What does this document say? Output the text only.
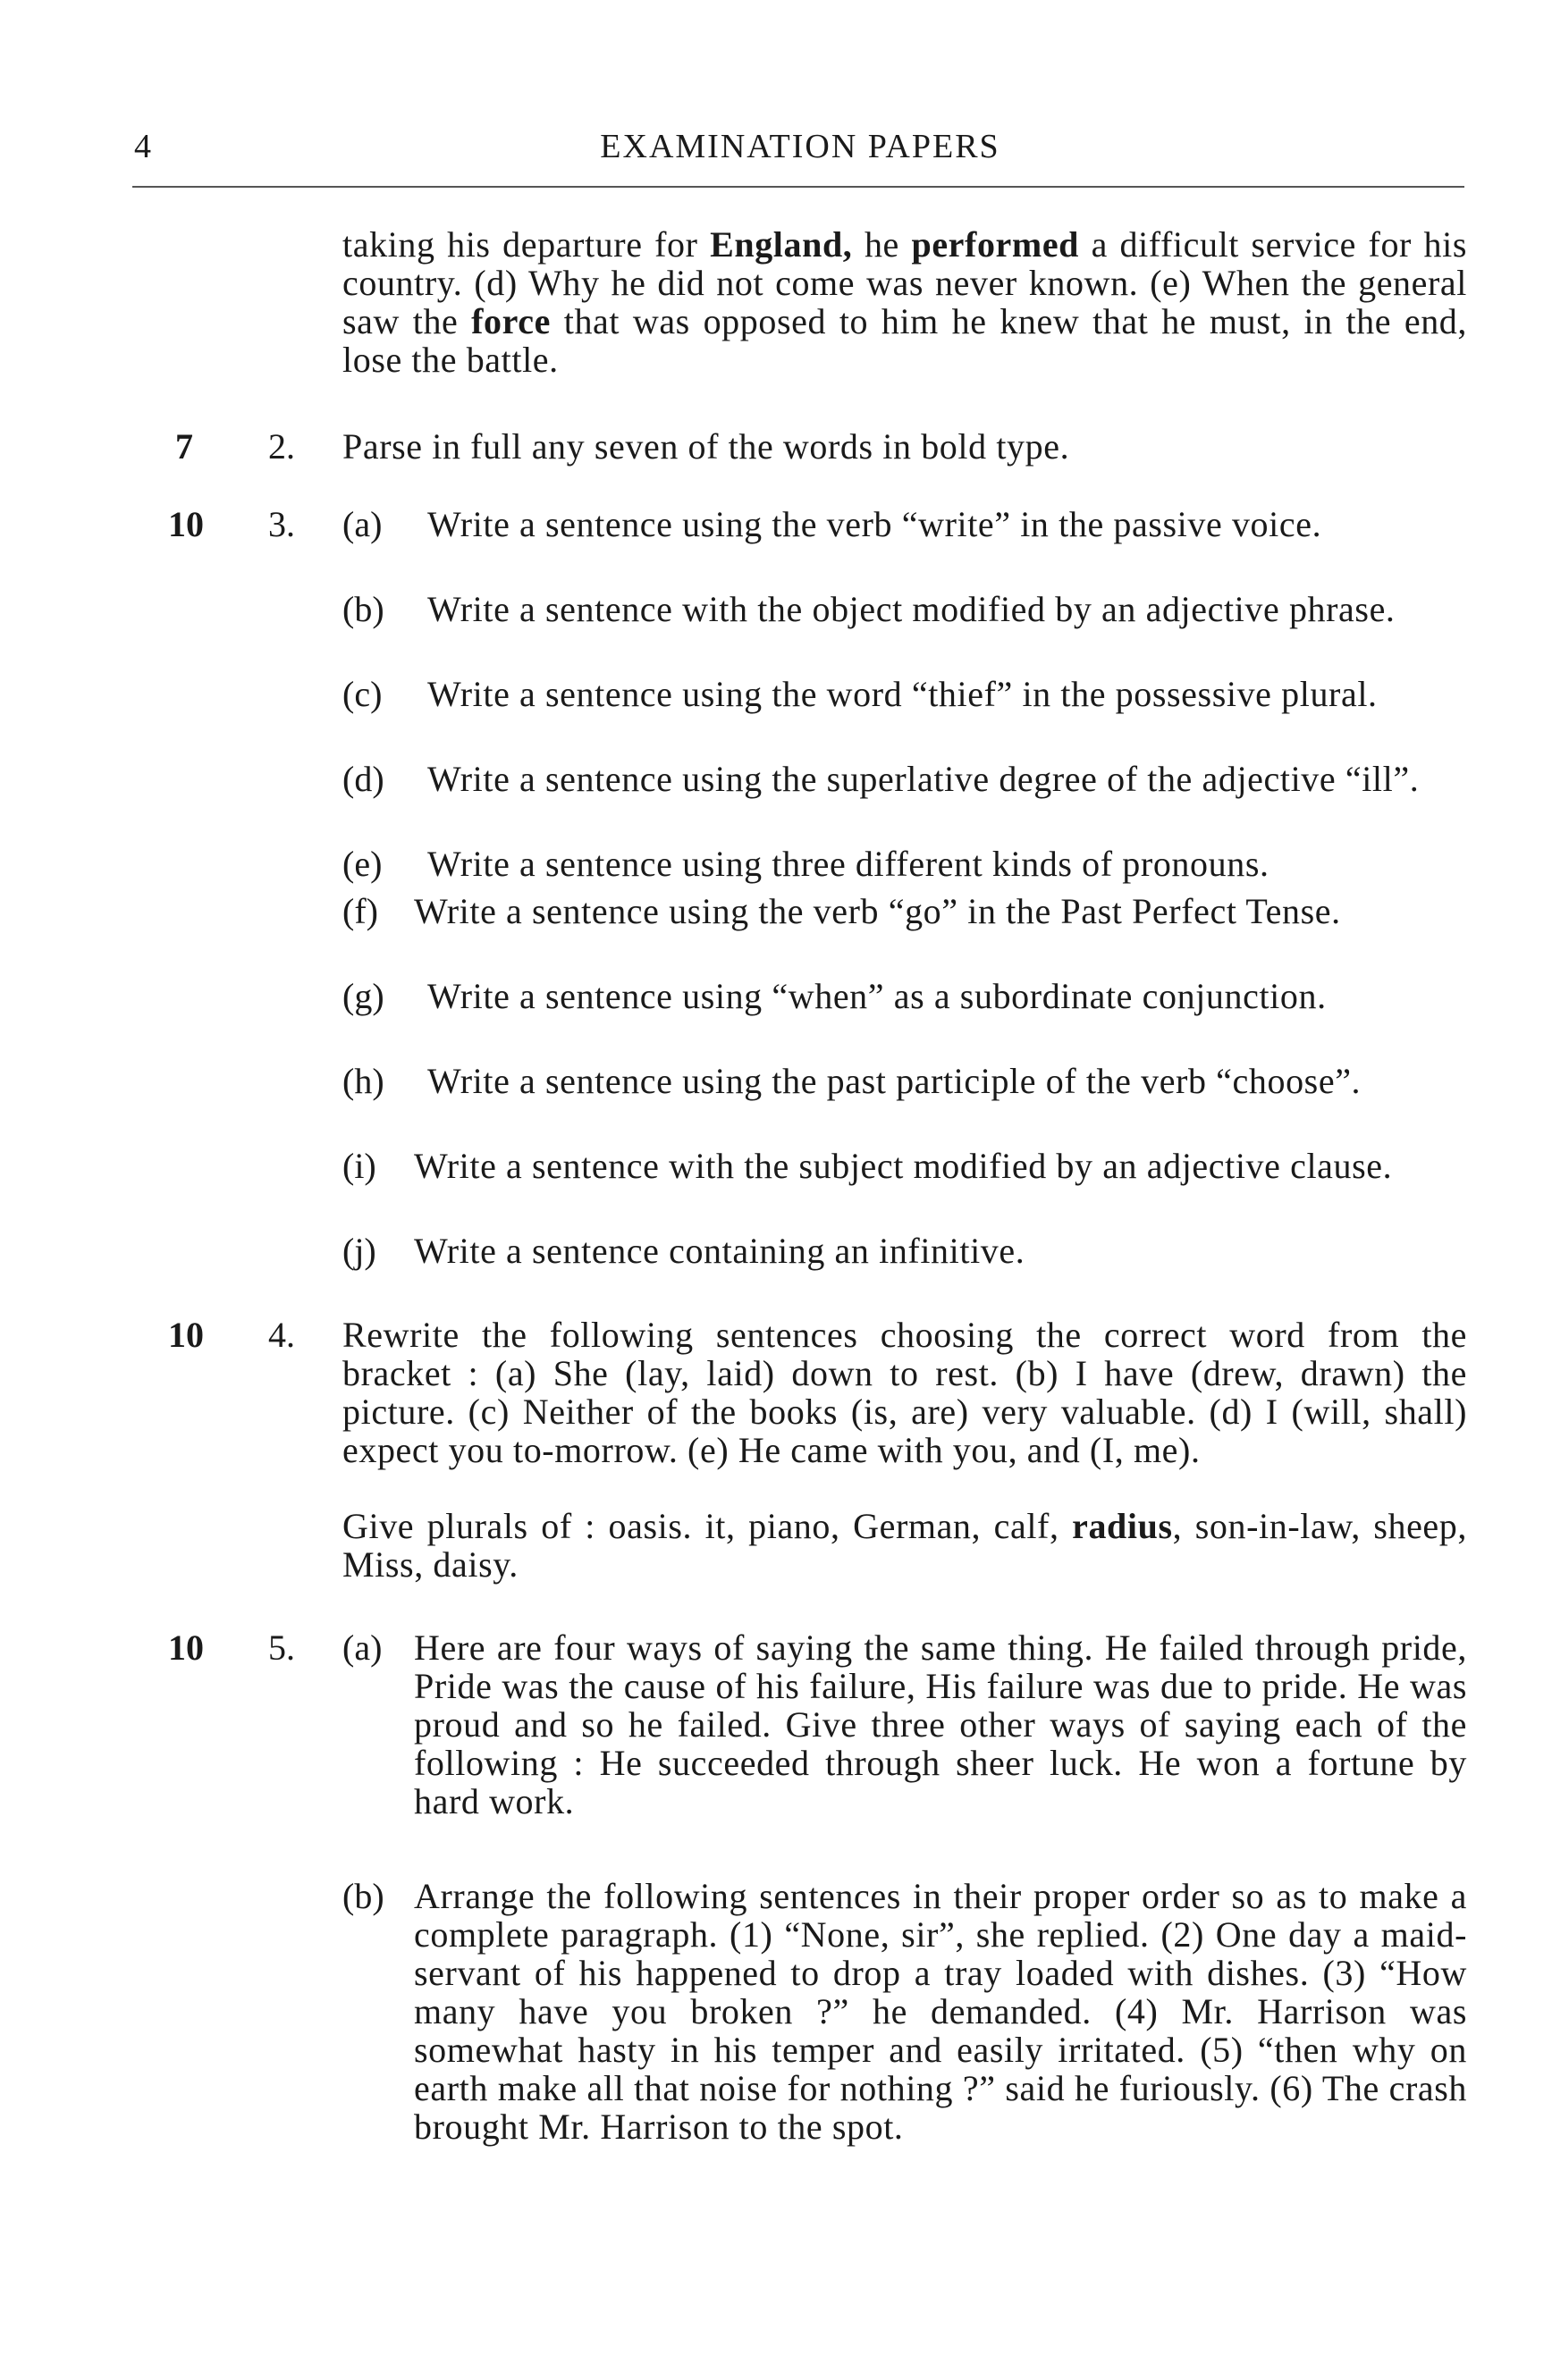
4	EXAMINATION PAPERS
taking his departure for England, he performed a difficult service for his country. (d) Why he did not come was never known. (e) When the general saw the force that was opposed to him he knew that he must, in the end, lose the battle.
7 2. Parse in full any seven of the words in bold type.
10 3. (a) Write a sentence using the verb “write” in the passive voice.
(b) Write a sentence with the object modified by an adjective phrase.
(c) Write a sentence using the word “thief” in the possessive plural.
(d) Write a sentence using the superlative degree of the adjective “ill”.
(e) Write a sentence using three different kinds of pronouns.
(f) Write a sentence using the verb “go” in the Past Perfect Tense.
(g) Write a sentence using “when” as a subordinate conjunction.
(h) Write a sentence using the past participle of the verb “choose”.
(i) Write a sentence with the subject modified by an adjective clause.
(j) Write a sentence containing an infinitive.
10 4. Rewrite the following sentences choosing the correct word from the bracket : (a) She (lay, laid) down to rest. (b) I have (drew, drawn) the picture. (c) Neither of the books (is, are) very valuable. (d) I (will, shall) expect you to-morrow. (e) He came with you, and (I, me).
Give plurals of : oasis. it, piano, German, calf, radius, son-in-law, sheep, Miss, daisy.
10 5. (a) Here are four ways of saying the same thing. He failed through pride, Pride was the cause of his failure, His failure was due to pride. He was proud and so he failed. Give three other ways of saying each of the following : He succeeded through sheer luck. He won a fortune by hard work.
(b) Arrange the following sentences in their proper order so as to make a complete paragraph. (1) “None, sir”, she replied. (2) One day a maid-servant of his happened to drop a tray loaded with dishes. (3) “How many have you broken ?” he demanded. (4) Mr. Harrison was somewhat hasty in his temper and easily irritated. (5) “then why on earth make all that noise for nothing ?” said he furiously. (6) The crash brought Mr. Harrison to the spot.
